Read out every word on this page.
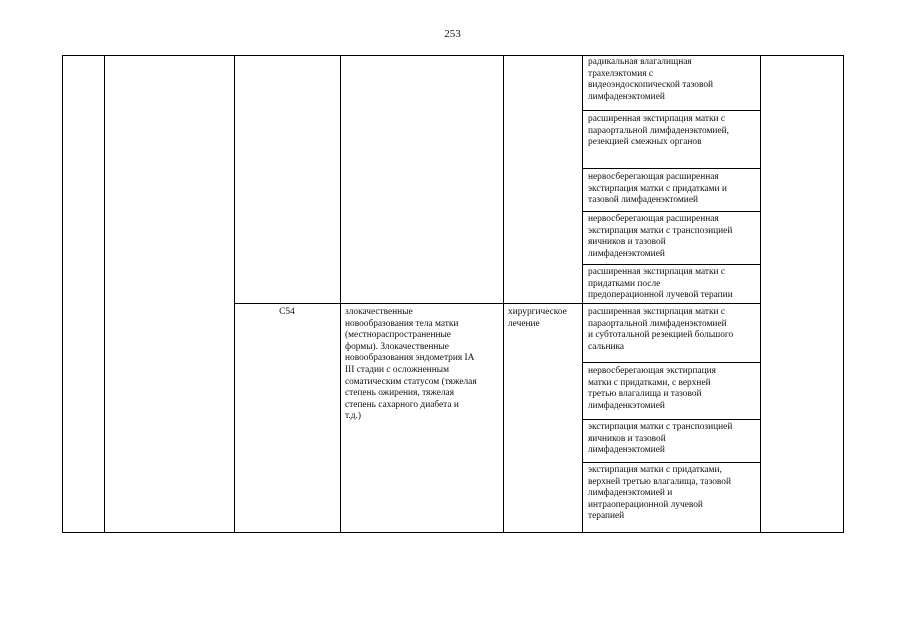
253
радикальная влагалищная
трахелэктомия с
видеоэндоскопической тазовой
лимфаденэктомией
расширенная экстирпация матки с
параортальной лимфаденэктомией,
резекцией смежных органов
нервосберегающая расширенная
экстирпация матки с придатками и
тазовой лимфаденэктомией
нервосберегающая расширенная
экстирпация матки с транспозицией
яичников и тазовой
лимфаденэктомией
расширенная экстирпация матки с
придатками после
предоперационной лучевой терапии
C54	злокачественные
новообразования тела матки
(местнораспространенные
формы). Злокачественные
новообразования эндометрия IA
III стадии с осложненным
соматическим статусом (тяжелая
степень ожирения, тяжелая
степень сахарного диабета и
т.д.)
хирургическое
лечение
расширенная экстирпация матки с
параортальной лимфаденэктомией
и субтотальной резекцией большого
сальника
нервосберегающая экстирпация
матки с придатками, с верхней
третью влагалища и тазовой
лимфаденкэтомией
экстирпация матки с транспозицией
яичников и тазовой
лимфаденэктомией
экстирпация матки с придатками,
верхней третью влагалища, тазовой
лимфаденэктомией и
интраоперационной лучевой
терапией
